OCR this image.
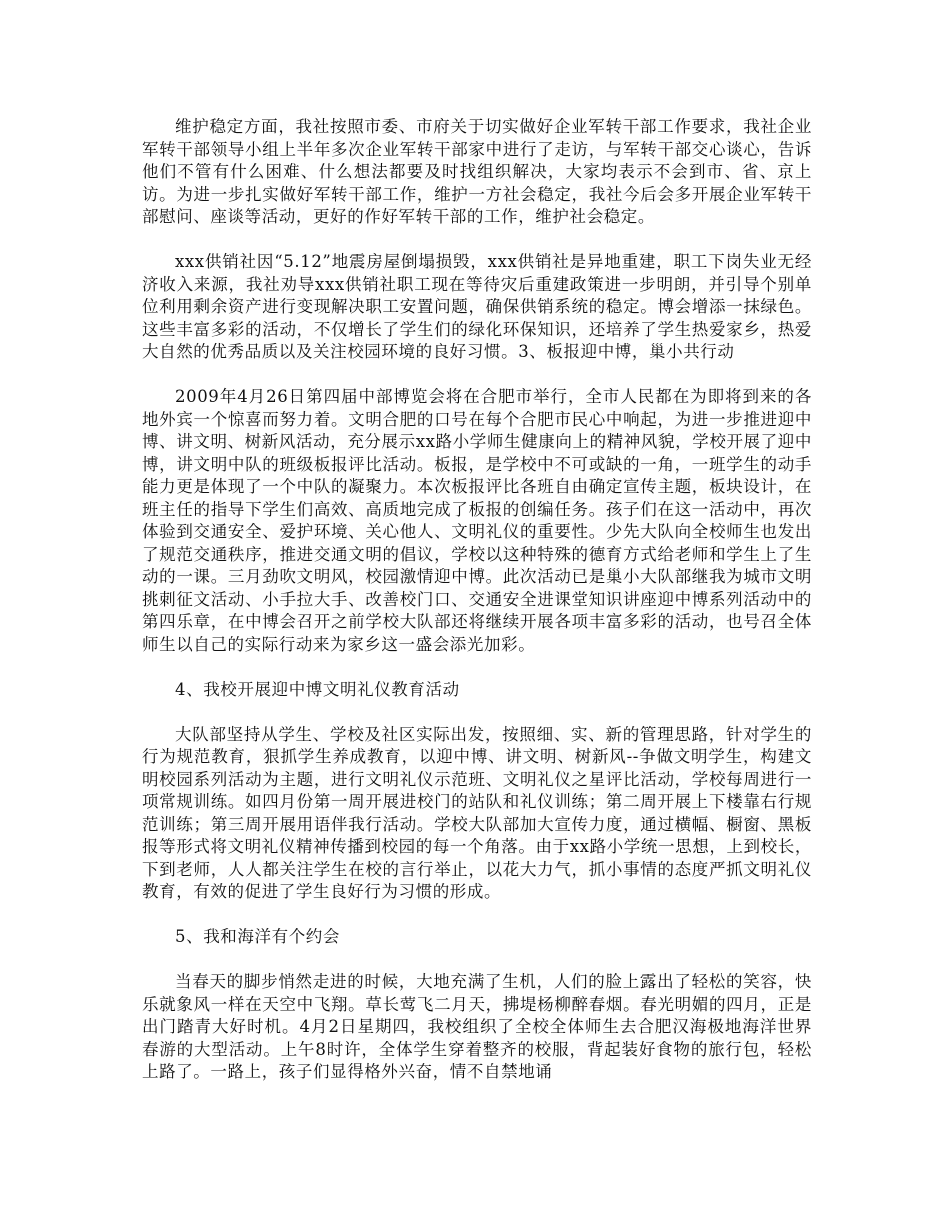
维护稳定方面，我社按照市委、市府关于切实做好企业军转干部工作要求，我社企业军转干部领导小组上半年多次企业军转干部家中进行了走访，与军转干部交心谈心，告诉他们不管有什么困难、什么想法都要及时找组织解决，大家均表示不会到市、省、京上访。为进一步扎实做好军转干部工作，维护一方社会稳定，我社今后会多开展企业军转干部慰问、座谈等活动，更好的作好军转干部的工作，维护社会稳定。

xxx供销社因“5.12”地震房屋倒塌损毁，xxx供销社是异地重建，职工下岗失业无经济收入来源，我社劝导xxx供销社职工现在等待灾后重建政策进一步明朗，并引导个别单位利用剩余资产进行变现解决职工安置问题，确保供销系统的稳定。博会增添一抹绿色。这些丰富多彩的活动，不仅增长了学生们的绿化环保知识，还培养了学生热爱家乡，热爱大自然的优秀品质以及关注校园环境的良好习惯。3、板报迎中博，巢小共行动

2009年4月26日第四届中部博览会将在合肥市举行，全市人民都在为即将到来的各地外宾一个惊喜而努力着。文明合肥的口号在每个合肥市民心中响起，为进一步推进迎中博、讲文明、树新风活动，充分展示xx路小学师生健康向上的精神风貌，学校开展了迎中博，讲文明中队的班级板报评比活动。板报，是学校中不可或缺的一角，一班学生的动手能力更是体现了一个中队的凝聚力。本次板报评比各班自由确定宣传主题，板块设计，在班主任的指导下学生们高效、高质地完成了板报的创编任务。孩子们在这一活动中，再次体验到交通安全、爱护环境、关心他人、文明礼仪的重要性。少先大队向全校师生也发出了规范交通秩序，推进交通文明的倡议，学校以这种特殊的德育方式给老师和学生上了生动的一课。三月劲吹文明风，校园激情迎中博。此次活动已是巢小大队部继我为城市文明挑刺征文活动、小手拉大手、改善校门口、交通安全进课堂知识讲座迎中博系列活动中的第四乐章，在中博会召开之前学校大队部还将继续开展各项丰富多彩的活动，也号召全体师生以自己的实际行动来为家乡这一盛会添光加彩。

4、我校开展迎中博文明礼仪教育活动

大队部坚持从学生、学校及社区实际出发，按照细、实、新的管理思路，针对学生的行为规范教育，狠抓学生养成教育，以迎中博、讲文明、树新风--争做文明学生，构建文明校园系列活动为主题，进行文明礼仪示范班、文明礼仪之星评比活动，学校每周进行一项常规训练。如四月份第一周开展进校门的站队和礼仪训练；第二周开展上下楼靠右行规范训练；第三周开展用语伴我行活动。学校大队部加大宣传力度，通过横幅、橱窗、黑板报等形式将文明礼仪精神传播到校园的每一个角落。由于xx路小学统一思想，上到校长，下到老师，人人都关注学生在校的言行举止，以花大力气，抓小事情的态度严抓文明礼仪教育，有效的促进了学生良好行为习惯的形成。

5、我和海洋有个约会

当春天的脚步悄然走进的时候，大地充满了生机，人们的脸上露出了轻松的笑容，快乐就象风一样在天空中飞翔。草长莺飞二月天，拂堤杨柳醉春烟。春光明媚的四月，正是出门踏青大好时机。4月2日星期四，我校组织了全校全体师生去合肥汉海极地海洋世界春游的大型活动。上午8时许，全体学生穿着整齐的校服，背起装好食物的旅行包，轻松上路了。一路上，孩子们显得格外兴奋，情不自禁地诵
